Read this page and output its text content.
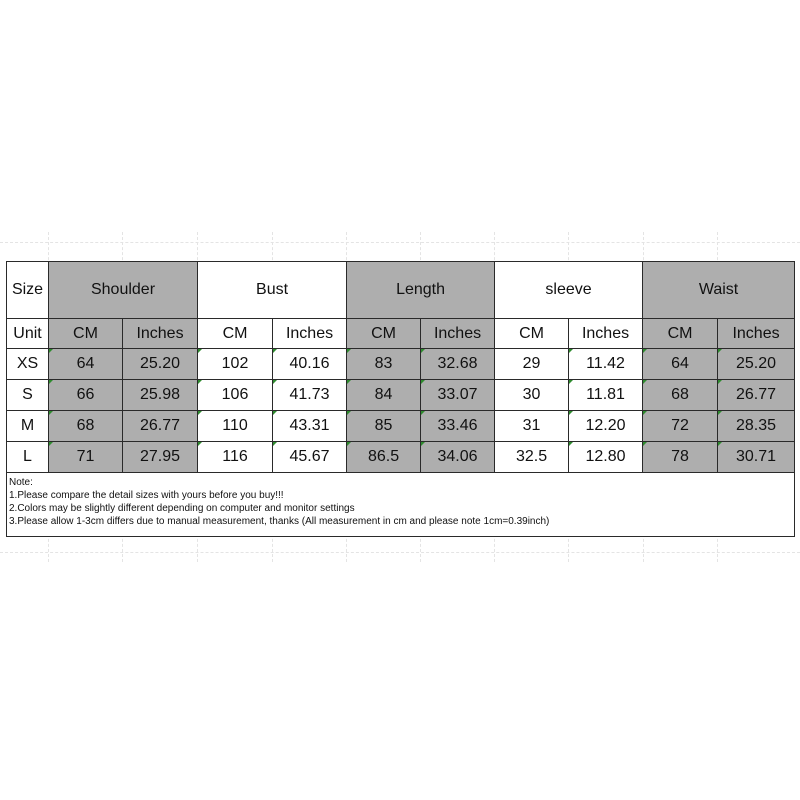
Size	Shoulder		Bust		Length		sleeve		Waist	
Unit	CM	Inches	CM	Inches	CM	Inches	CM	Inches	CM	Inches
XS	64	25.20	102	40.16	83	32.68	29	11.42	64	25.20
S	66	25.98	106	41.73	84	33.07	30	11.81	68	26.77
M	68	26.77	110	43.31	85	33.46	31	12.20	72	28.35
L	71	27.95	116	45.67	86.5	34.06	32.5	12.80	78	30.71

Note:
1.Please compare the detail sizes with yours before you buy!!!
2.Colors may be slightly different depending on computer and monitor settings
3.Please allow 1-3cm differs due to manual measurement, thanks (All measurement in cm and please note 1cm=0.39inch)										
